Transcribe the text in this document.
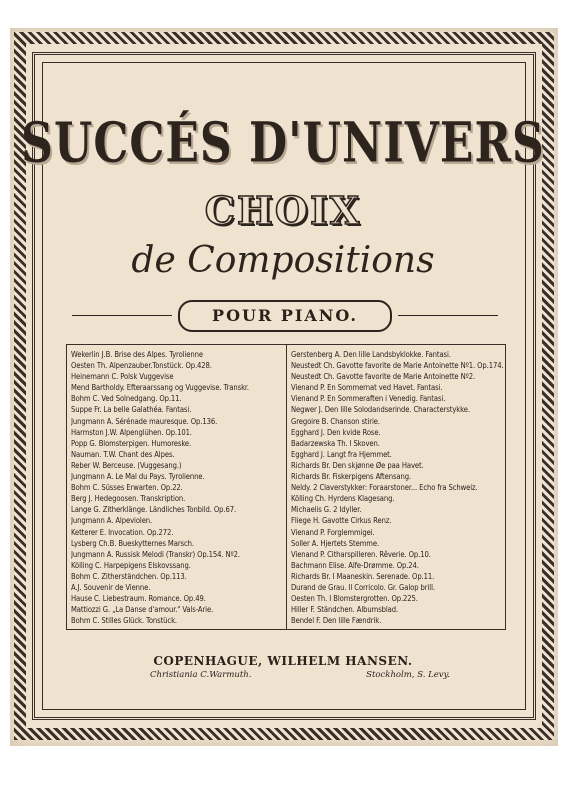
SUCCÉS D'UNIVERS
CHOIX
de Compositions
POUR PIANO.
Wekerlin J.B. Brise des Alpes. Tyrolienne
Oesten Th. Alpenzauber.Tonstück. Op.428.
Heinemann C. Polsk Vuggevise
Mend Bartholdy. Efteraarssang og Vuggevise. Transkr.
Bohm C. Ved Solnedgang. Op.11.
Suppe Fr. La belle Galathéa. Fantasi.
Jungmann A. Sérénade mauresque. Op.136.
Harmston J.W. Alpenglühen. Op.101.
Popp G. Blomsterpigen. Humoreske.
Nauman. T.W. Chant des Alpes.
Reber W. Berceuse. (Vuggesang.)
Jungmann A. Le Mal du Pays. Tyrolienne.
Bohm C. Süsses Erwarten. Op.22.
Berg J. Hedegoosen. Transkription.
Lange G. Zitherklänge. Ländliches Tonbild. Op.67.
Jungmann A. Alpeviolen.
Ketterer E. Invocation. Op.272.
Lysberg Ch.B. Bueskytternes Marsch.
Jungmann A. Russisk Melodi (Transkr) Op.154. Nº2.
Kölling C. Harpepigens Elskovssang.
Bohm C. Zitherständchen. Op.113.
A.J. Souvenir de Vienne.
Hause C. Liebestraum. Romance. Op.49.
Mattiozzi G. „La Danse d'amour." Vals-Arie.
Bohm C. Stilles Glück. Tonstück.
Gerstenberg A. Den lille Landsbyklokke. Fantasi.
Neustedt Ch. Gavotte favorite de Marie Antoinette Nº1. Op.174.
Neustedt Ch. Gavotte favorite de Marie Antoinette Nº2.
Vienand P. En Sommernat ved Havet. Fantasi.
Vienand P. En Sommeraften i Venedig. Fantasi.
Negwer J. Den lille Solodandserinde. Characterstykke.
Gregoire B. Chanson stirie.
Egghard J. Den kvide Rose.
Badarzewska Th. I Skoven.
Egghard J. Langt fra Hjemmet.
Richards Br. Den skjønne Øe paa Havet.
Richards Br. Fiskerpigens Aftensang.
Neldy. 2 Claverstykker: Foraarstoner... Echo fra Schweiz.
Kölling Ch. Hyrdens Klagesang.
Michaelis G. 2 Idyller.
Fliege H. Gavotte Cirkus Renz.
Vienand P. Forglemmigei.
Soller A. Hjertets Stemme.
Vienand P. Citharspilleren. Rêverie. Op.10.
Bachmann Elise. Alfe-Drømme. Op.24.
Richards Br. I Maaneskin. Serenade. Op.11.
Durand de Grau. Il Corricolo. Gr. Galop brill.
Oesten Th. I Blomstergrotten. Op.225.
Hiller F. Ständchen. Albumsblad.
Bendel F. Den lille Fændrik.
COPENHAGUE, WILHELM HANSEN.
Christiania C.Warmuth.	Stockholm, S. Levy.
